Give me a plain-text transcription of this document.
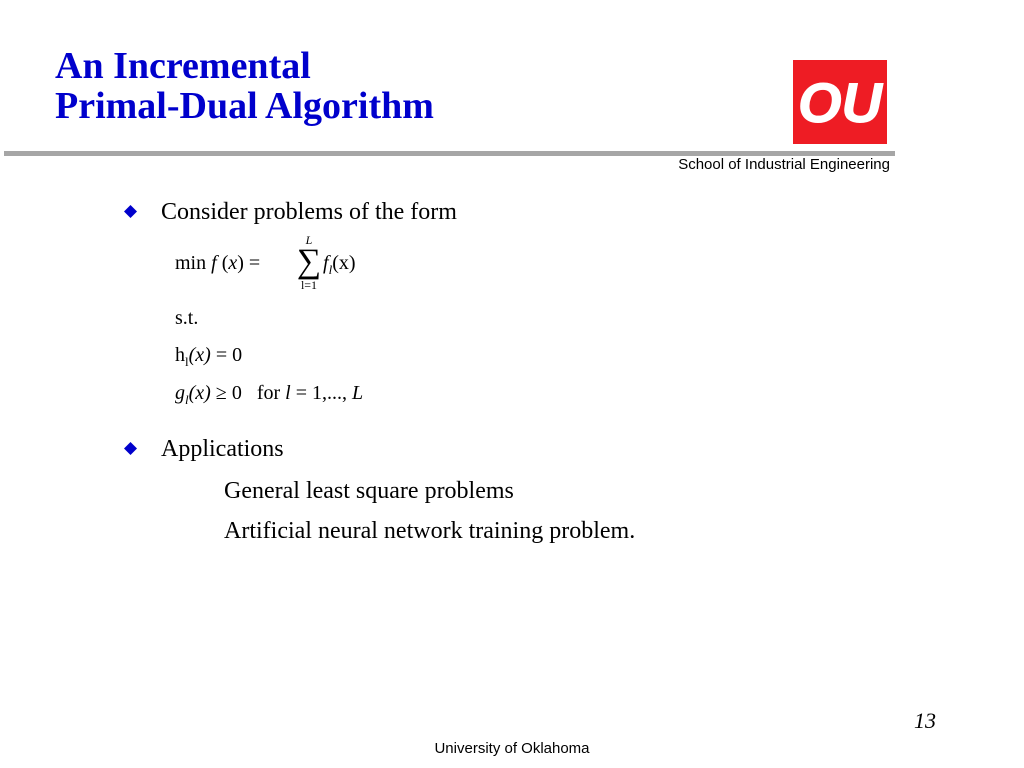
An Incremental
Primal-Dual Algorithm	OU
School of Industrial Engineering
Consider problems of the form
min f (x) =
L
∑
l=1
$f_l(x)$
s.t.
$h_l(x) = 0$
$g_l(x) \ge 0$ for l = 1,..., L
Applications
General least square problems
Artificial neural network training problem.
13
University of Oklahoma
